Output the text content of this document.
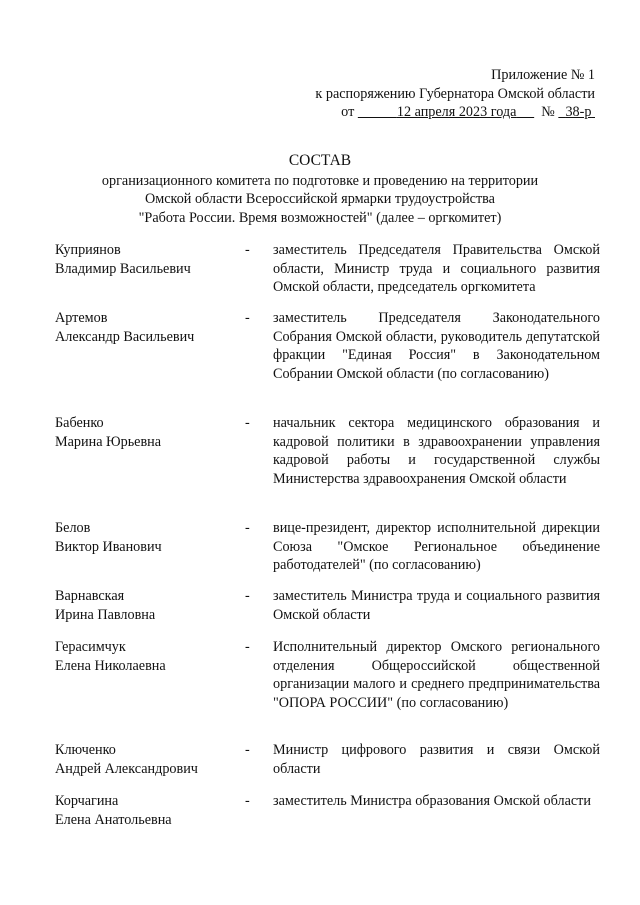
Приложение № 1
к распоряжению Губернатора Омской области
от	12 апреля 2023 года № 38-р
СОСТАВ
организационного комитета по подготовке и проведению на территории
Омской области Всероссийской ярмарки трудоустройства
"Работа России. Время возможностей" (далее – оргкомитет)
Куприянов
Владимир Васильевич
-	заместитель Председателя Правительства Омской области, Министр труда и социального развития Омской области, председатель оргкомитета
Артемов
Александр Васильевич
-	заместитель Председателя Законодательного Собрания Омской области, руководитель депутатской фракции "Единая Россия" в Законодательном Собрании Омской области (по согласованию)
Бабенко
Марина Юрьевна
-	начальник сектора медицинского образования и кадровой политики в здравоохранении управления кадровой работы и государственной службы Министерства здравоохранения Омской области
Белов
Виктор Иванович
-	вице-президент, директор исполнительной дирекции Союза "Омское Региональное объединение работодателей" (по согласованию)
Варнавская
Ирина Павловна
-	заместитель Министра труда и социального развития Омской области
Герасимчук
Елена Николаевна
-	Исполнительный директор Омского регионального отделения Общероссийской общественной организации малого и среднего предпринимательства "ОПОРА РОССИИ" (по согласованию)
Ключенко
Андрей Александрович
-	Министр цифрового развития и связи Омской области
Корчагина
Елена Анатольевна
-	заместитель Министра образования Омской области
